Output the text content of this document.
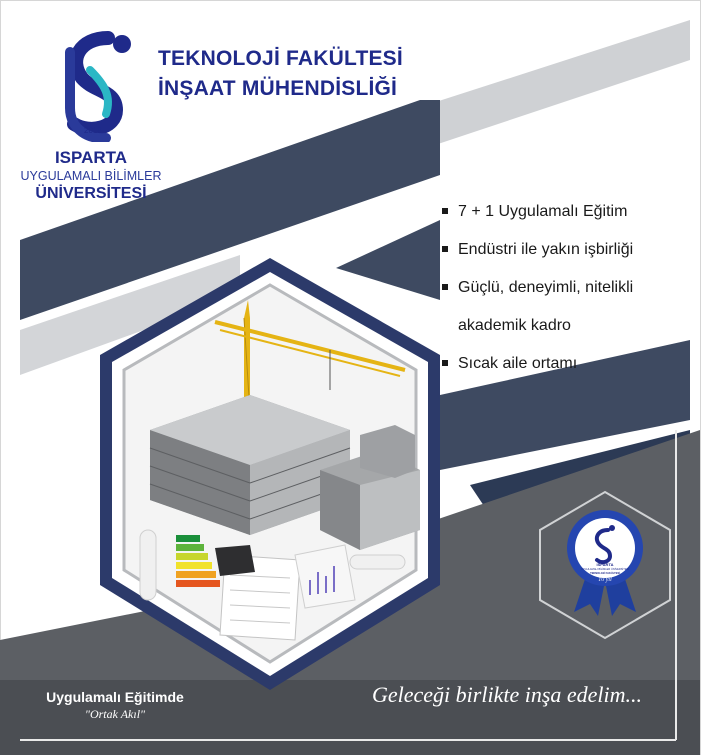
2018
ISPARTA
UYGULAMALI BİLİMLER
ÜNİVERSİTESİ
TEKNOLOJİ FAKÜLTESİ
İNŞAAT MÜHENDİSLİĞİ
7 + 1 Uygulamalı Eğitim
Endüstri ile yakın işbirliği
Güçlü, deneyimli, nitelikli
akademik kadro
Sıcak aile ortamı
ISPARTA
UYGULAMALI BİLİMLER ÜNİVERSİTESİ
TEKNOLOJİ FAKÜLTESİ
10 yıl
Uygulamalı Eğitimde
"Ortak Akıl"
Geleceği birlikte inşa edelim...
